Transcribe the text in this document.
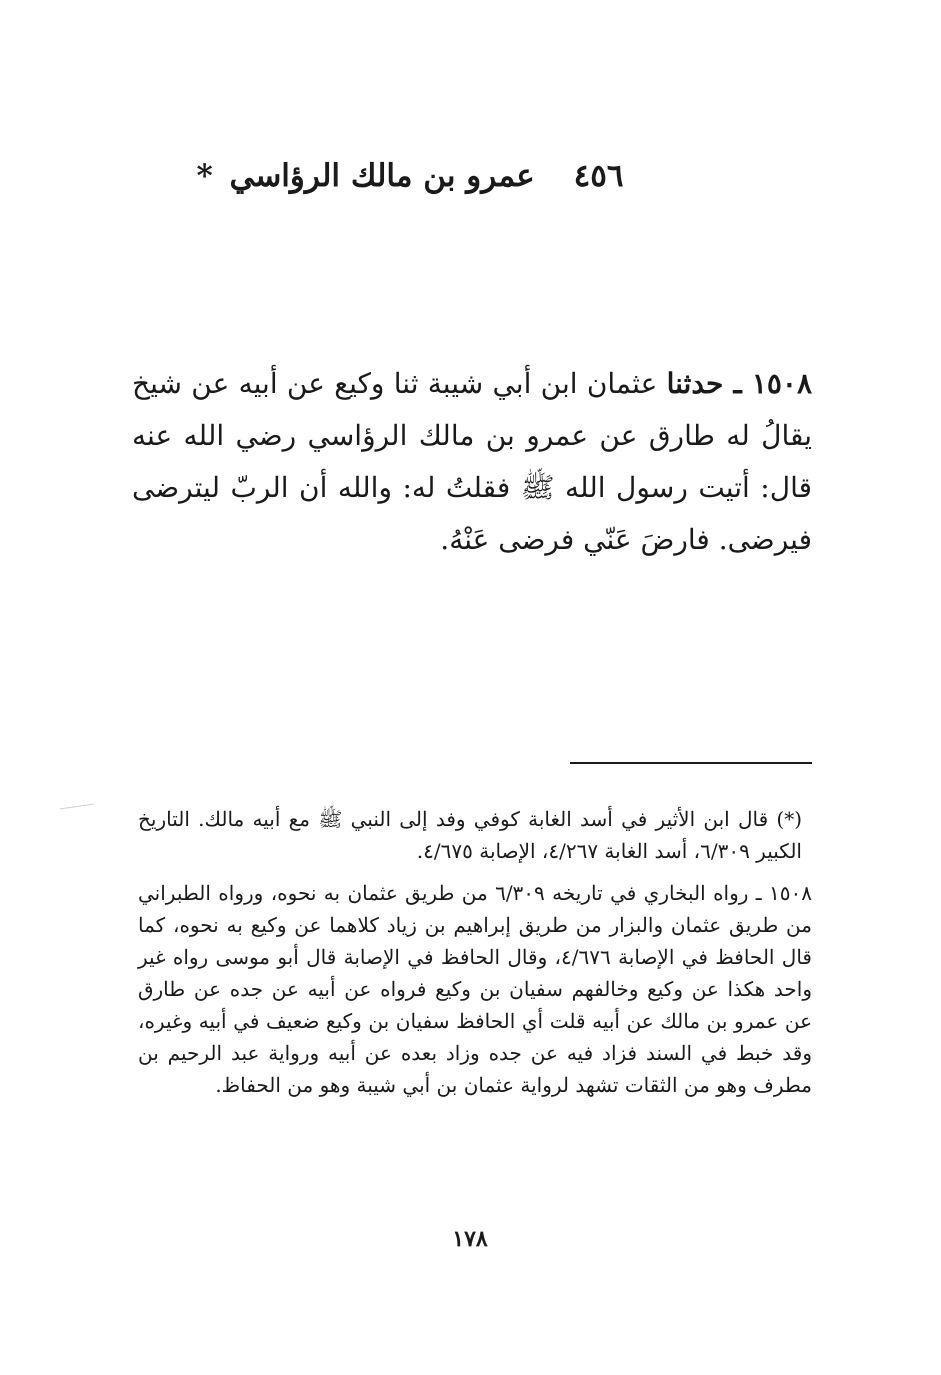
٤٥٦ عمرو بن مالك الرؤاسي *
١٥٠٨ ـ حدثنا عثمان ابن أبي شيبة ثنا وكيع عن أبيه عن شيخ يقالُ له طارق عن عمرو بن مالك الرؤاسي رضي الله عنه قال: أتيت رسول الله ﷺ فقلتُ له: والله أن الربّ ليترضى فيرضى. فارضَ عَنّي فرضى عَنْهُ.

(*) قال ابن الأثير في أسد الغابة كوفي وفد إلى النبي ﷺ مع أبيه مالك. التاريخ الكبير ٦/٣٠٩، أسد الغابة ٤/٢٦٧، الإصابة ٤/٦٧٥.

١٥٠٨ ـ رواه البخاري في تاريخه ٦/٣٠٩ من طريق عثمان به نحوه، ورواه الطبراني من طريق عثمان والبزار من طريق إبراهيم بن زياد كلاهما عن وكيع به نحوه، كما قال الحافظ في الإصابة ٤/٦٧٦، وقال الحافظ في الإصابة قال أبو موسى رواه غير واحد هكذا عن وكيع وخالفهم سفيان بن وكيع فرواه عن أبيه عن جده عن طارق عن عمرو بن مالك عن أبيه قلت أي الحافظ سفيان بن وكيع ضعيف في أبيه وغيره، وقد خبط في السند فزاد فيه عن جده وزاد بعده عن أبيه ورواية عبد الرحيم بن مطرف وهو من الثقات تشهد لرواية عثمان بن أبي شيبة وهو من الحفاظ.

١٧٨
